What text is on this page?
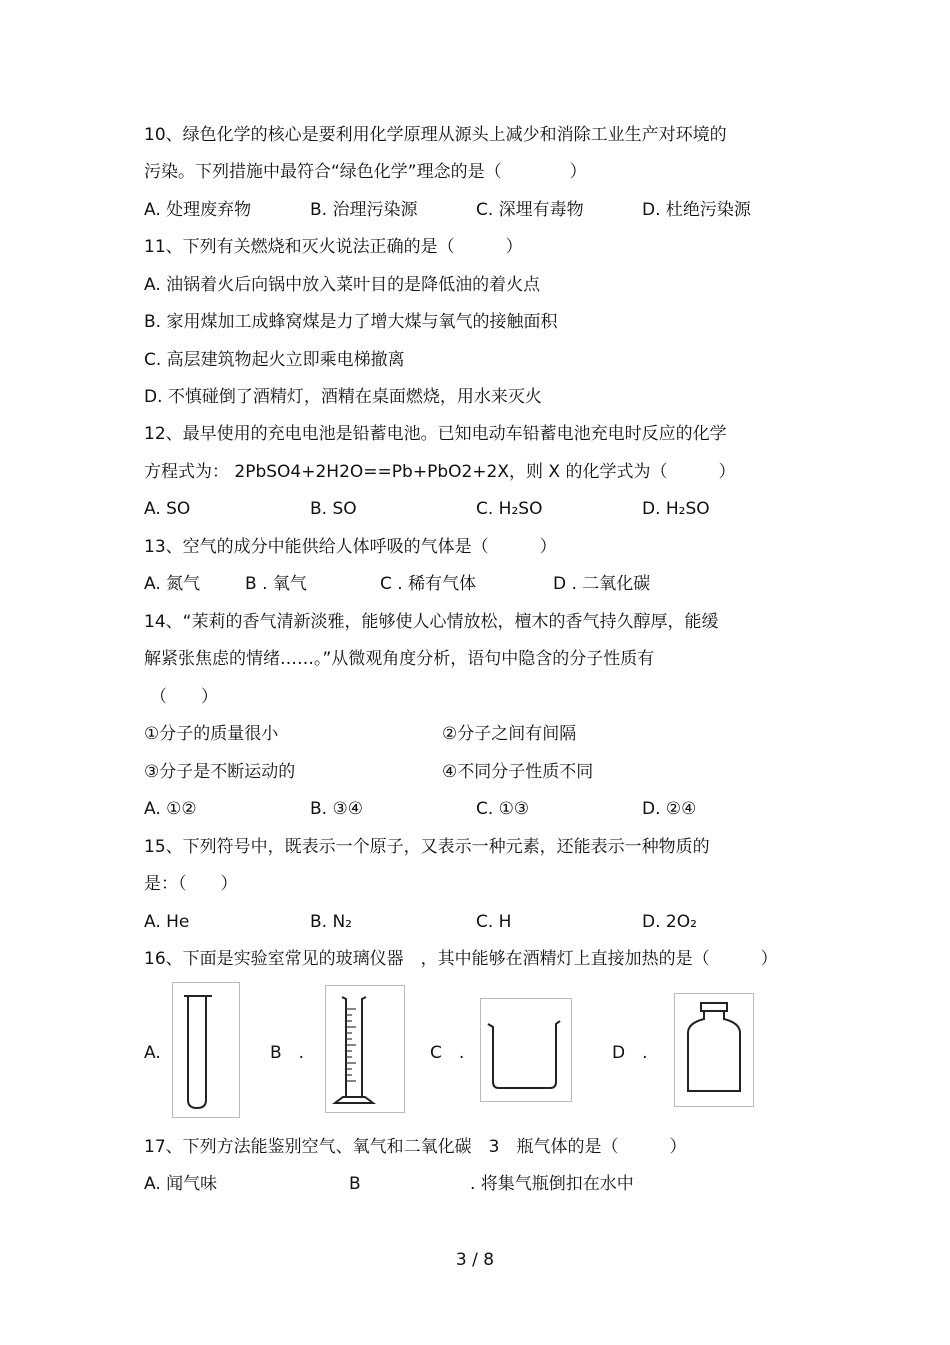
10、绿色化学的核心是要利用化学原理从源头上减少和消除工业生产对环境的
污染。下列措施中最符合“绿色化学”理念的是（　　　　）
A. 处理废弃物	B. 治理污染源	C. 深埋有毒物	D. 杜绝污染源
11、下列有关燃烧和灭火说法正确的是（　　　）
A. 油锅着火后向锅中放入菜叶目的是降低油的着火点
B. 家用煤加工成蜂窝煤是力了增大煤与氧气的接触面积
C. 高层建筑物起火立即乘电梯撤离
D. 不慎碰倒了酒精灯，酒精在桌面燃烧，用水来灭火
12、最早使用的充电电池是铅蓄电池。已知电动车铅蓄电池充电时反应的化学
方程式为： 2PbSO4+2H2O==Pb+PbO2+2X，则 X 的化学式为（　　　）
A. SO	B. SO	C. H₂SO	D. H₂SO
13、空气的成分中能供给人体呼吸的气体是（　　　）
A. 氮气	B . 氧气	C . 稀有气体	D . 二氧化碳
14、“茉莉的香气清新淡雅，能够使人心情放松，檀木的香气持久醇厚，能缓
解紧张焦虑的情绪……。”从微观角度分析，语句中隐含的分子性质有
（　　）
①分子的质量很小	②分子之间有间隔
③分子是不断运动的	④不同分子性质不同
A. ①②	B. ③④	C. ①③	D. ②④
15、下列符号中，既表示一个原子，又表示一种元素，还能表示一种物质的
是：（　　）
A. He	B. N₂	C. H	D. 2O₂
16、下面是实验室常见的玻璃仪器　，其中能够在酒精灯上直接加热的是（　　　）
A.	B　.	C　.	D　.
17、下列方法能鉴别空气、氧气和二氧化碳　3　瓶气体的是（　　　）
A. 闻气味	B	. 将集气瓶倒扣在水中
3 / 8
